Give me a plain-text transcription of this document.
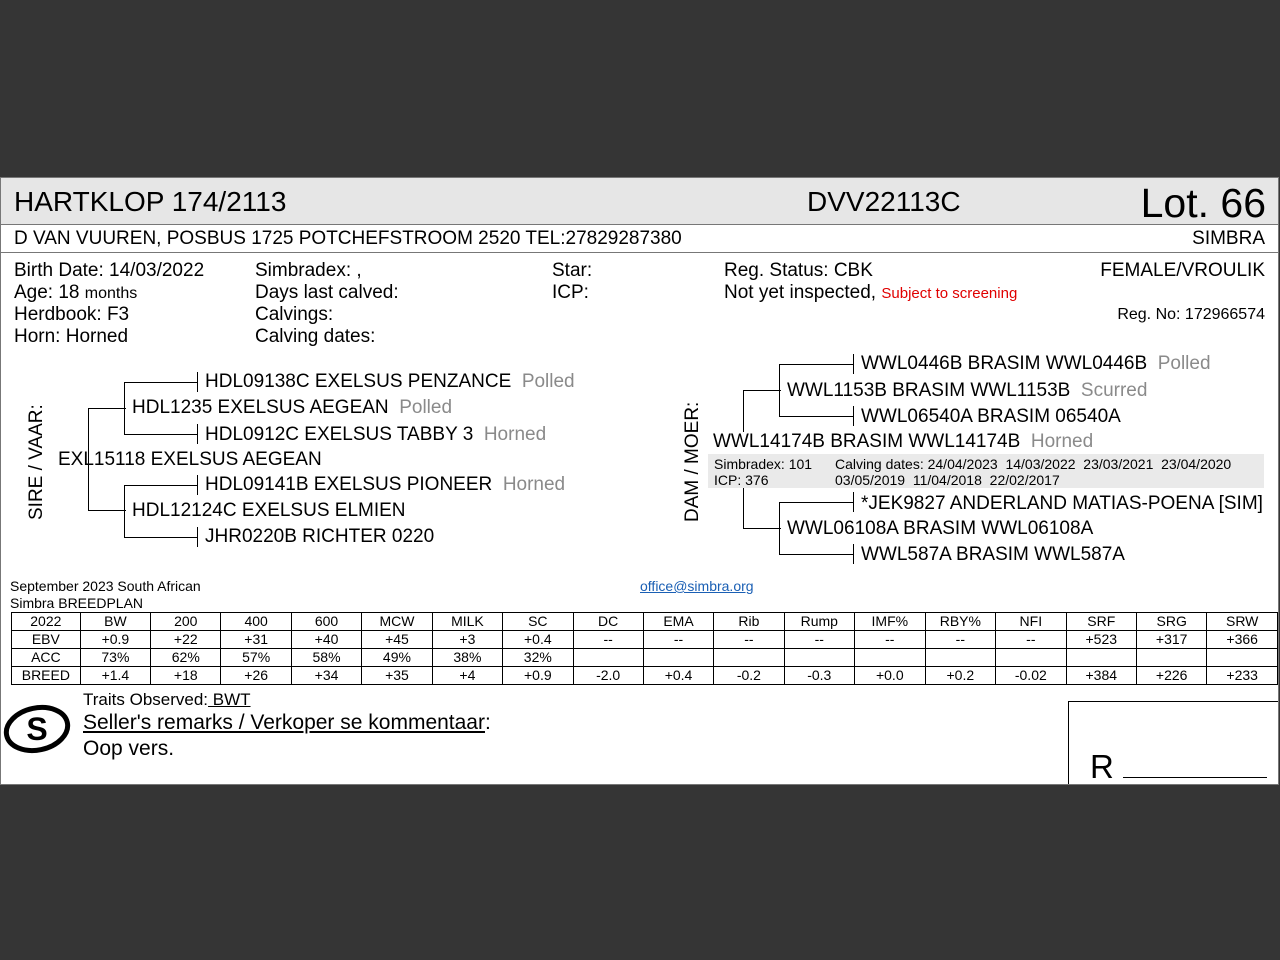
HARTKLOP 174/2113	DVV22113C	Lot. 66
D VAN VUUREN, POSBUS 1725 POTCHEFSTROOM 2520 TEL:27829287380	SIMBRA
Birth Date: 14/03/2022
Age: 18 months
Herdbook: F3
Horn: Horned
Simbradex: ,
Days last calved:
Calvings:
Calving dates:
Star:
ICP:
Reg. Status: CBK
Not yet inspected, Subject to screening
FEMALE/VROULIK
Reg. No: 172966574
SIRE / VAAR:
HDL09138C EXELSUS PENZANCE Polled
HDL1235 EXELSUS AEGEAN Polled
HDL0912C EXELSUS TABBY 3 Horned
EXL15118 EXELSUS AEGEAN
HDL09141B EXELSUS PIONEER Horned
HDL12124C EXELSUS ELMIEN
JHR0220B RICHTER 0220
DAM / MOER:
WWL0446B BRASIM WWL0446B Polled
WWL1153B BRASIM WWL1153B Scurred
WWL06540A BRASIM 06540A
WWL14174B BRASIM WWL14174B Horned
Simbradex: 101
ICP: 376
Calving dates: 24/04/2023  14/03/2022  23/03/2021  23/04/2020
03/05/2019  11/04/2018  22/02/2017
*JEK9827 ANDERLAND MATIAS-POENA [SIM]
WWL06108A BRASIM WWL06108A
WWL587A BRASIM WWL587A
September 2023 South African
Simbra BREEDPLAN
office@simbra.org
2022	BW	200	400	600	MCW	MILK	SC	DC	EMA	Rib	Rump	IMF%	RBY%	NFI	SRF	SRG	SRW
EBV	+0.9	+22	+31	+40	+45	+3	+0.4	--	--	--	--	--	--	--	+523	+317	+366
ACC	73%	62%	57%	58%	49%	38%	32%										
BREED	+1.4	+18	+26	+34	+35	+4	+0.9	-2.0	+0.4	-0.2	-0.3	+0.0	+0.2	-0.02	+384	+226	+233
S
Traits Observed: BWT
Seller's remarks / Verkoper se kommentaar:
Oop vers.	R
